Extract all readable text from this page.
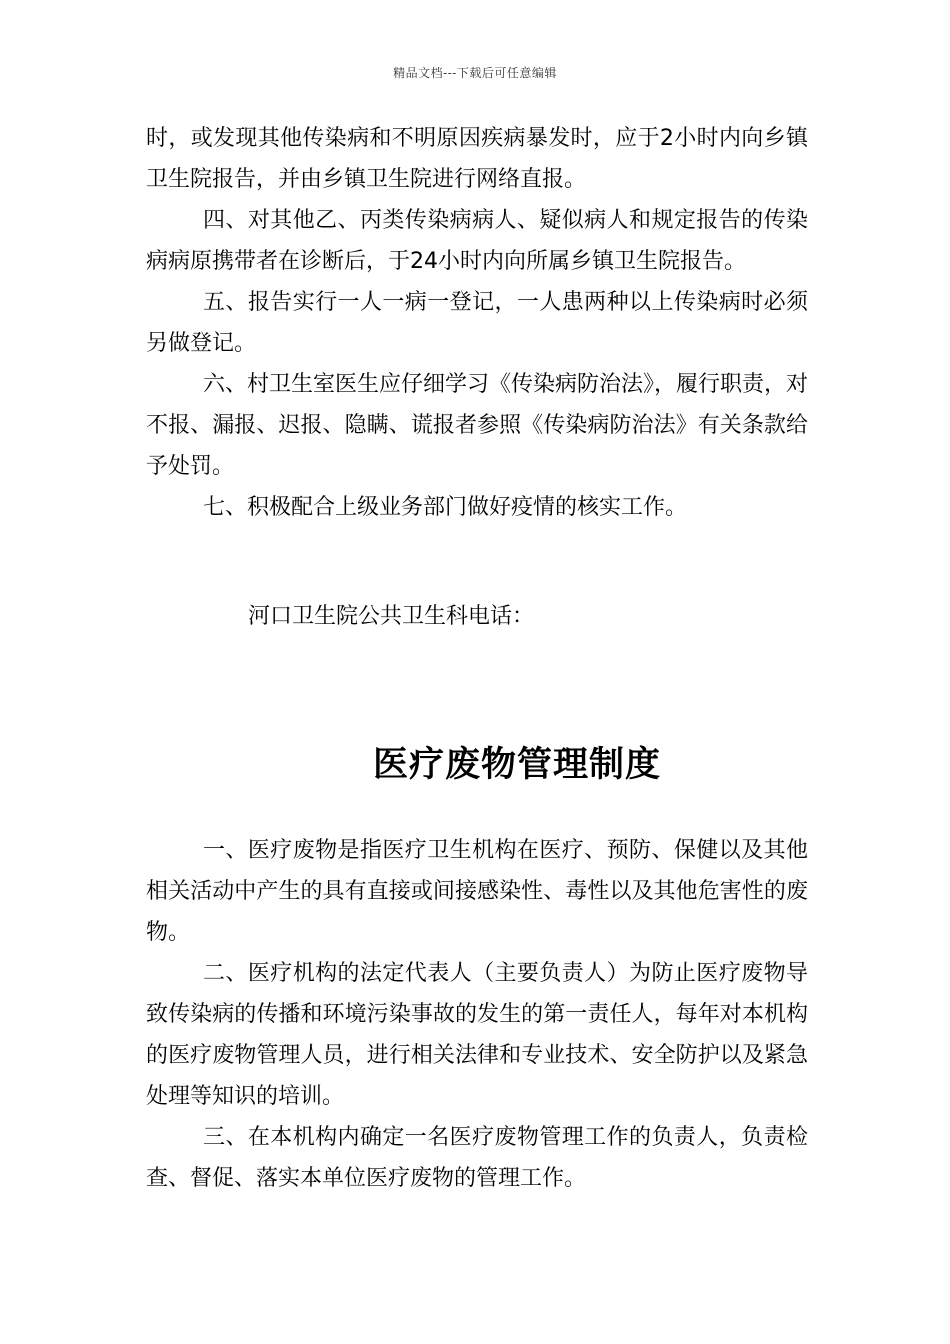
精品文档---下载后可任意编辑

时，或发现其他传染病和不明原因疾病暴发时，应于2小时内向乡镇卫生院报告，并由乡镇卫生院进行网络直报。

四、对其他乙、丙类传染病病人、疑似病人和规定报告的传染病病原携带者在诊断后，于24小时内向所属乡镇卫生院报告。

五、报告实行一人一病一登记，一人患两种以上传染病时必须另做登记。

六、村卫生室医生应仔细学习《传染病防治法》，履行职责，对不报、漏报、迟报、隐瞒、谎报者参照《传染病防治法》有关条款给予处罚。

七、积极配合上级业务部门做好疫情的核实工作。

河口卫生院公共卫生科电话：
医疗废物管理制度

一、医疗废物是指医疗卫生机构在医疗、预防、保健以及其他相关活动中产生的具有直接或间接感染性、毒性以及其他危害性的废物。

二、医疗机构的法定代表人（主要负责人）为防止医疗废物导致传染病的传播和环境污染事故的发生的第一责任人，每年对本机构的医疗废物管理人员，进行相关法律和专业技术、安全防护以及紧急处理等知识的培训。

三、在本机构内确定一名医疗废物管理工作的负责人，负责检查、督促、落实本单位医疗废物的管理工作。
